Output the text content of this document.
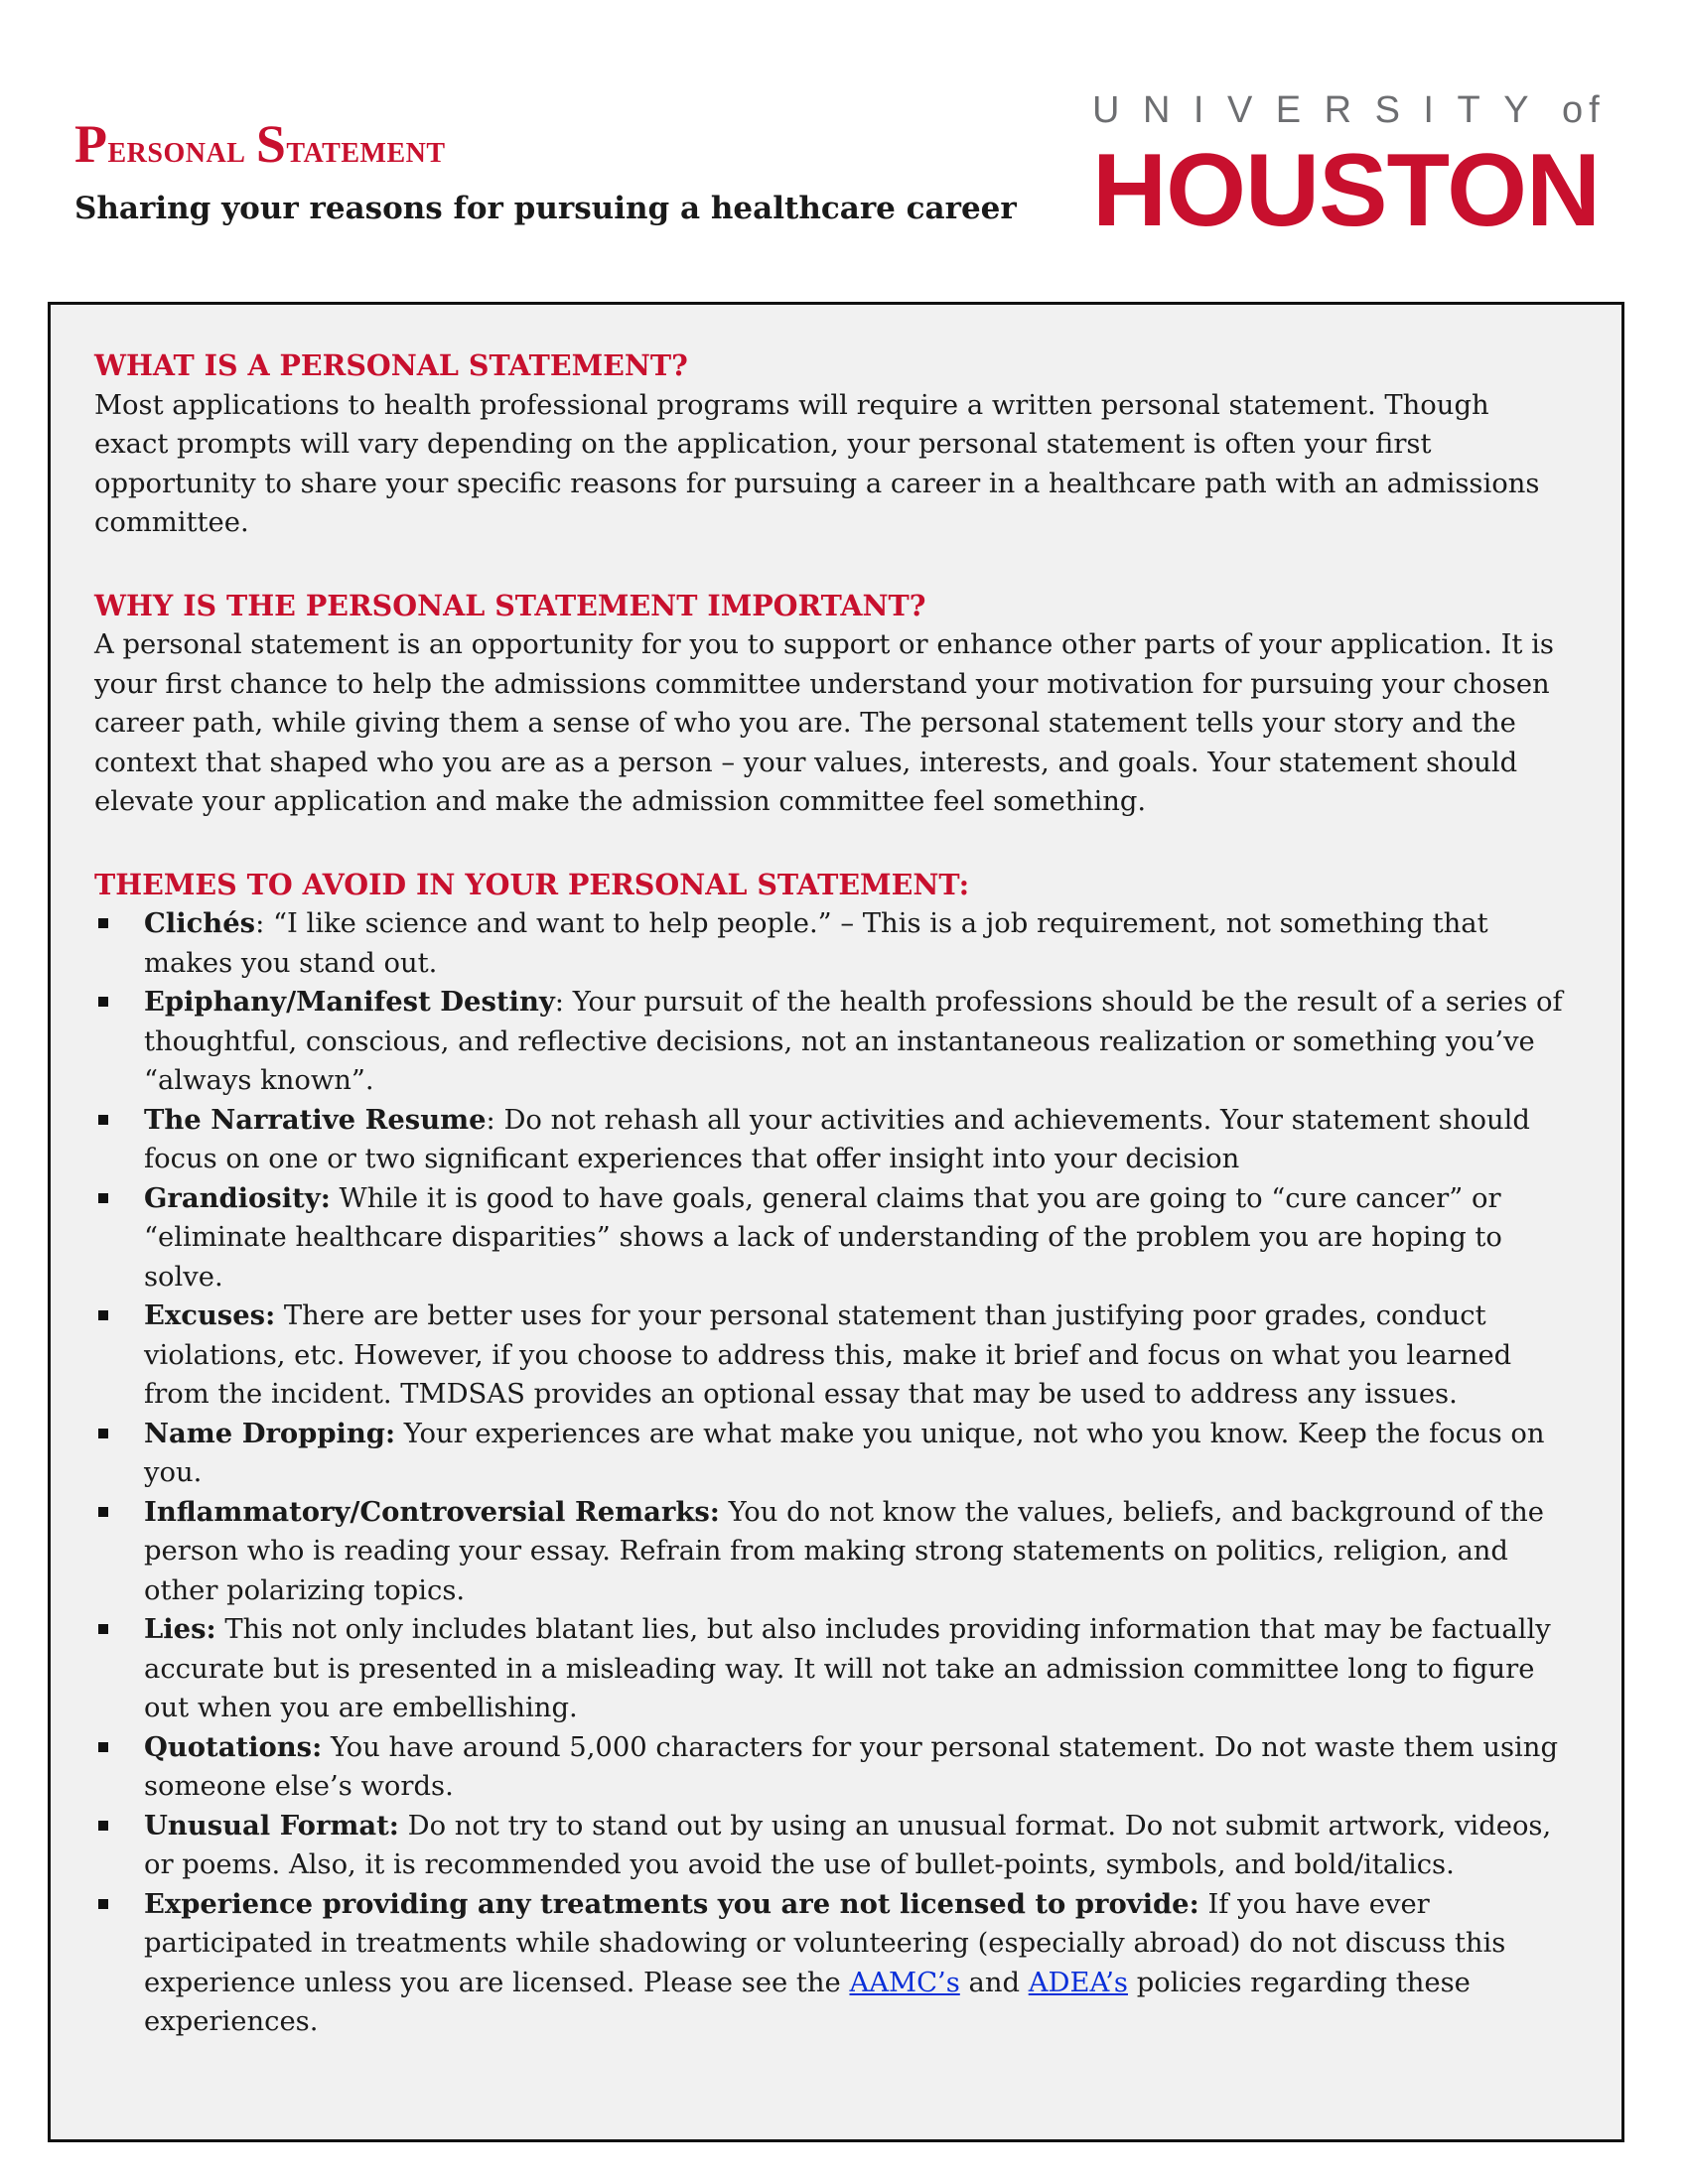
Personal Statement

Sharing your reasons for pursuing a healthcare career

UNIVERSITY of
HOUSTON
WHAT IS A PERSONAL STATEMENT?

Most applications to health professional programs will require a written personal statement. Though exact prompts will vary depending on the application, your personal statement is often your first opportunity to share your specific reasons for pursuing a career in a healthcare path with an admissions committee.

WHY IS THE PERSONAL STATEMENT IMPORTANT?

A personal statement is an opportunity for you to support or enhance other parts of your application. It is your first chance to help the admissions committee understand your motivation for pursuing your chosen career path, while giving them a sense of who you are. The personal statement tells your story and the context that shaped who you are as a person – your values, interests, and goals. Your statement should elevate your application and make the admission committee feel something.

THEMES TO AVOID IN YOUR PERSONAL STATEMENT:
Clichés: “I like science and want to help people.” – This is a job requirement, not something that makes you stand out.
Epiphany/Manifest Destiny: Your pursuit of the health professions should be the result of a series of thoughtful, conscious, and reflective decisions, not an instantaneous realization or something you’ve “always known”.
The Narrative Resume: Do not rehash all your activities and achievements. Your statement should focus on one or two significant experiences that offer insight into your decision
Grandiosity: While it is good to have goals, general claims that you are going to “cure cancer” or “eliminate healthcare disparities” shows a lack of understanding of the problem you are hoping to solve.
Excuses: There are better uses for your personal statement than justifying poor grades, conduct violations, etc. However, if you choose to address this, make it brief and focus on what you learned from the incident. TMDSAS provides an optional essay that may be used to address any issues.
Name Dropping: Your experiences are what make you unique, not who you know. Keep the focus on you.
Inflammatory/Controversial Remarks: You do not know the values, beliefs, and background of the person who is reading your essay. Refrain from making strong statements on politics, religion, and other polarizing topics.
Lies: This not only includes blatant lies, but also includes providing information that may be factually accurate but is presented in a misleading way. It will not take an admission committee long to figure out when you are embellishing.
Quotations: You have around 5,000 characters for your personal statement. Do not waste them using someone else’s words.
Unusual Format: Do not try to stand out by using an unusual format. Do not submit artwork, videos, or poems. Also, it is recommended you avoid the use of bullet-points, symbols, and bold/italics.
Experience providing any treatments you are not licensed to provide: If you have ever participated in treatments while shadowing or volunteering (especially abroad) do not discuss this experience unless you are licensed. Please see the AAMC’s and ADEA’s policies regarding these experiences.
